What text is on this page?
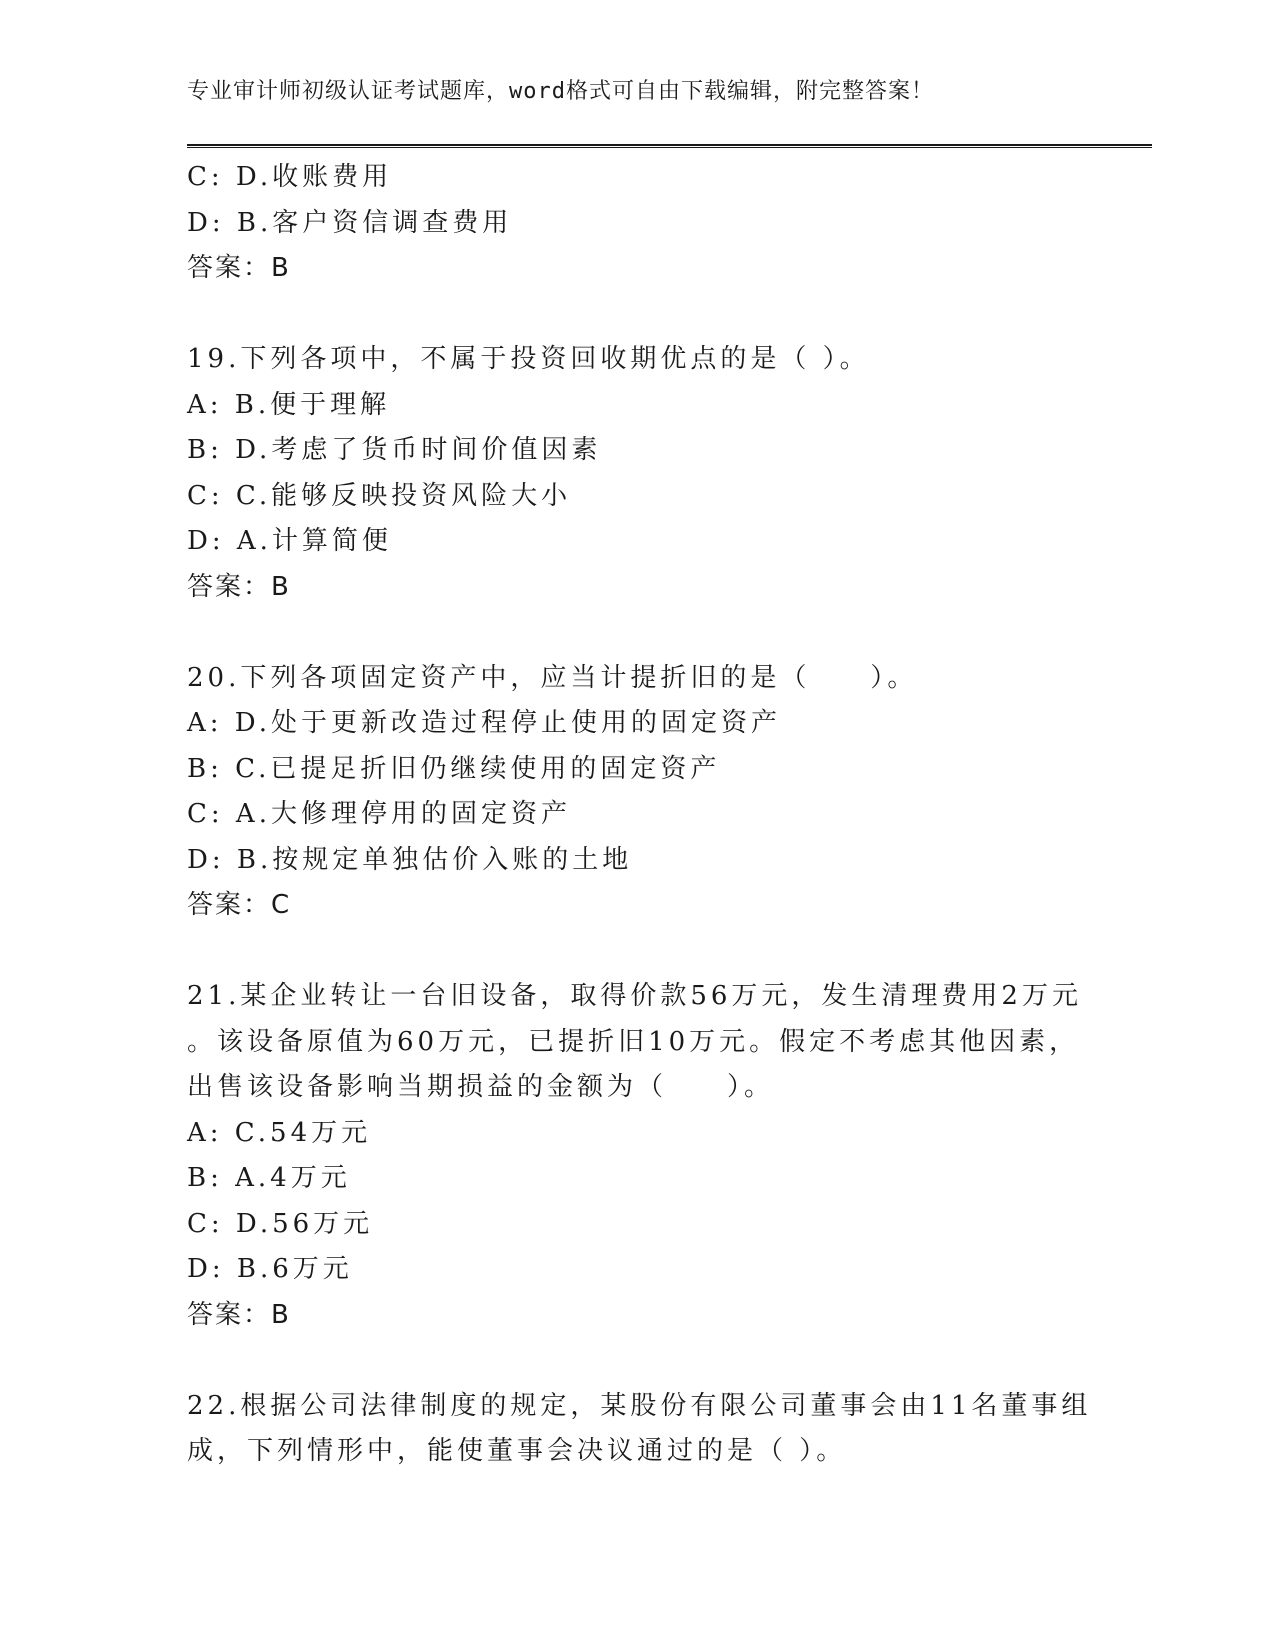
专业审计师初级认证考试题库，word格式可自由下载编辑，附完整答案！
C: D.收账费用
D: B.客户资信调查费用
答案：B
19.下列各项中，不属于投资回收期优点的是（ ）。
A: B.便于理解
B: D.考虑了货币时间价值因素
C: C.能够反映投资风险大小
D: A.计算简便
答案：B
20.下列各项固定资产中，应当计提折旧的是（　　）。
A: D.处于更新改造过程停止使用的固定资产
B: C.已提足折旧仍继续使用的固定资产
C: A.大修理停用的固定资产
D: B.按规定单独估价入账的土地
答案：C
21.某企业转让一台旧设备，取得价款56万元，发生清理费用2万元
。该设备原值为60万元，已提折旧10万元。假定不考虑其他因素，
出售该设备影响当期损益的金额为（　　）。
A: C.54万元
B: A.4万元
C: D.56万元
D: B.6万元
答案：B
22.根据公司法律制度的规定，某股份有限公司董事会由11名董事组
成，下列情形中，能使董事会决议通过的是（ ）。
